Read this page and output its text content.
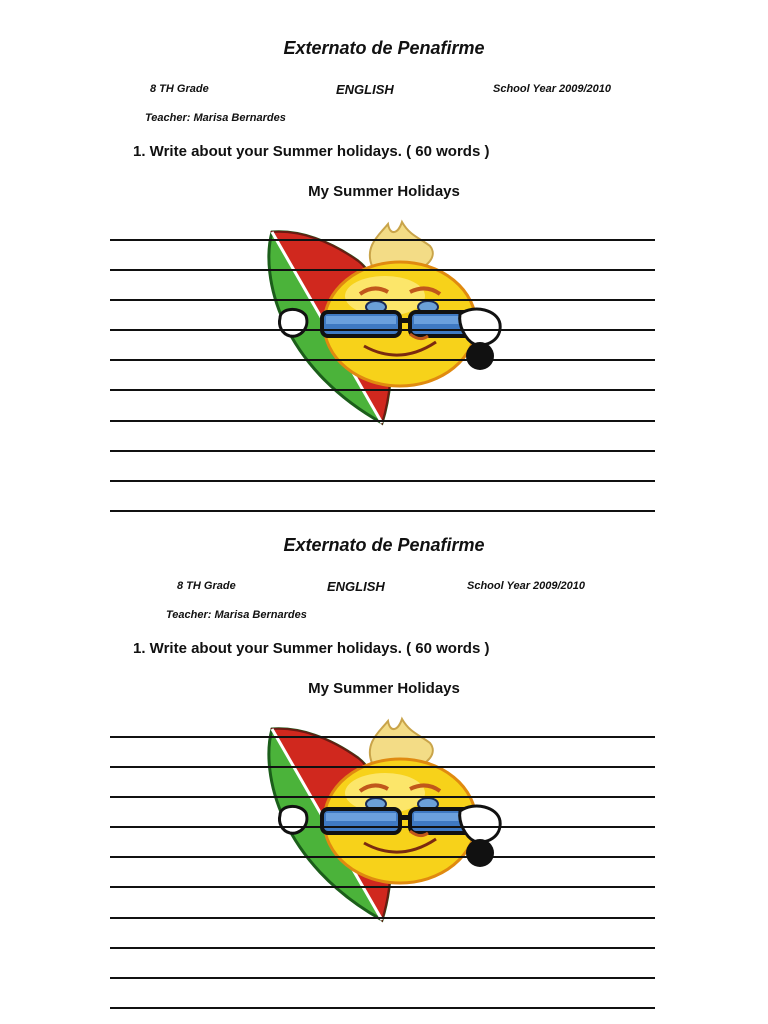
Externato de Penafirme
8 TH Grade	ENGLISH	School Year 2009/2010
Teacher: Marisa Bernardes
1. Write about your Summer holidays. ( 60 words )
My Summer Holidays
Externato de Penafirme
8 TH Grade	ENGLISH	School Year 2009/2010
Teacher: Marisa Bernardes
1. Write about your Summer holidays. ( 60 words )
My Summer Holidays
